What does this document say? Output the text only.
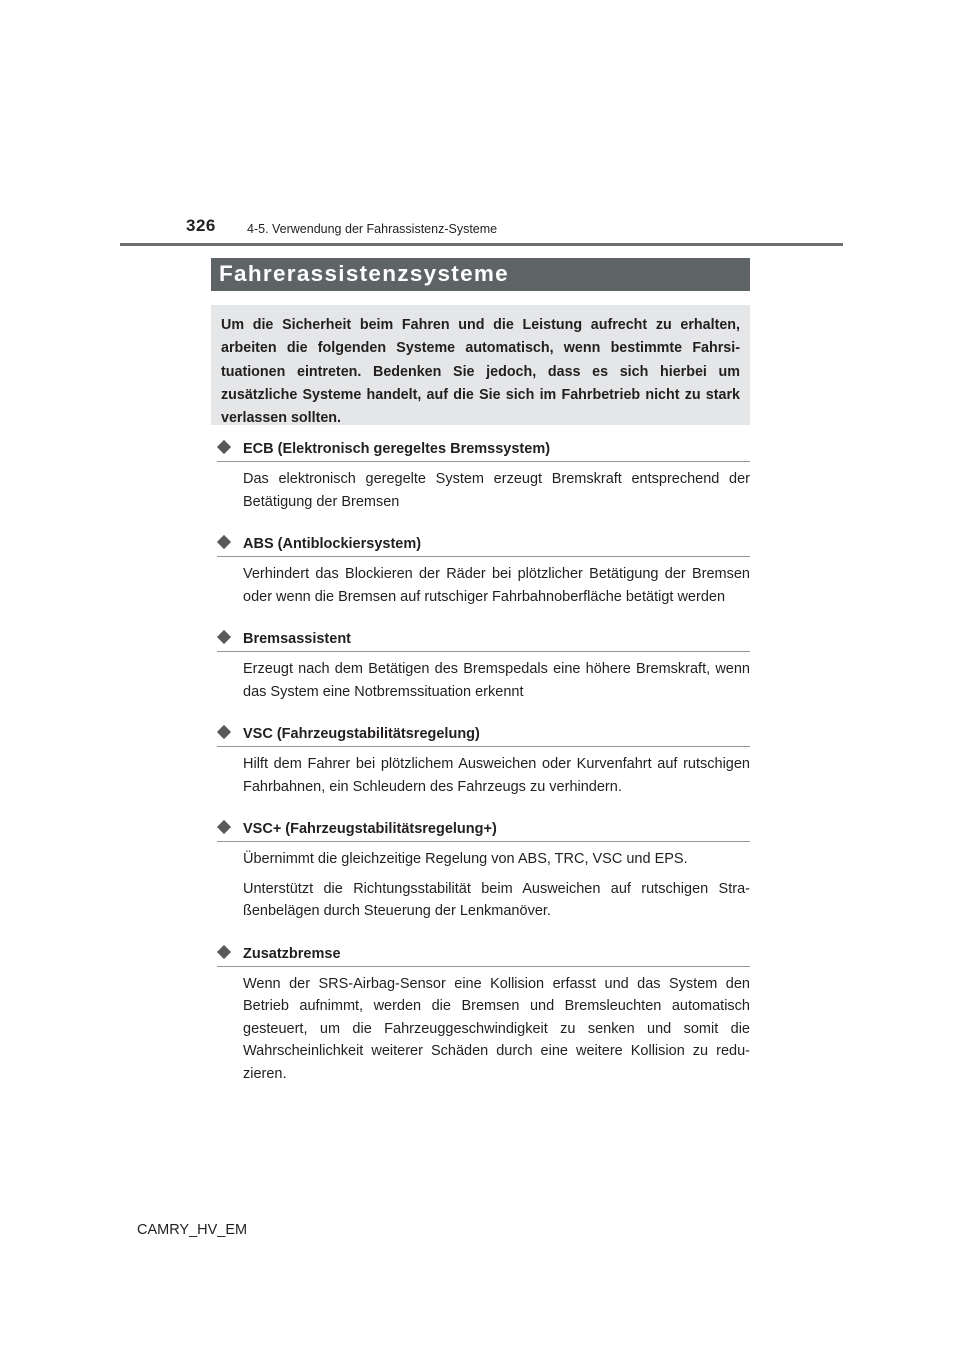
326 4-5. Verwendung der Fahrassistenz-Systeme
Fahrerassistenzsysteme

Um die Sicherheit beim Fahren und die Leistung aufrecht zu erhalten, arbeiten die folgenden Systeme automatisch, wenn bestimmte Fahrsituationen eintreten. Bedenken Sie jedoch, dass es sich hierbei um zusätzliche Systeme handelt, auf die Sie sich im Fahrbetrieb nicht zu stark verlassen sollten.

ECB (Elektronisch geregeltes Bremssystem)

Das elektronisch geregelte System erzeugt Bremskraft entsprechend der Betätigung der Bremsen

ABS (Antiblockiersystem)

Verhindert das Blockieren der Räder bei plötzlicher Betätigung der Bremsen oder wenn die Bremsen auf rutschiger Fahrbahnoberfläche betätigt werden

Bremsassistent

Erzeugt nach dem Betätigen des Bremspedals eine höhere Bremskraft, wenn das System eine Notbremssituation erkennt

VSC (Fahrzeugstabilitätsregelung)

Hilft dem Fahrer bei plötzlichem Ausweichen oder Kurvenfahrt auf rutschigen Fahrbahnen, ein Schleudern des Fahrzeugs zu verhindern.

VSC+ (Fahrzeugstabilitätsregelung+)

Übernimmt die gleichzeitige Regelung von ABS, TRC, VSC und EPS.

Unterstützt die Richtungsstabilität beim Ausweichen auf rutschigen Straßenbelägen durch Steuerung der Lenkmanöver.

Zusatzbremse

Wenn der SRS-Airbag-Sensor eine Kollision erfasst und das System den Betrieb aufnimmt, werden die Bremsen und Bremsleuchten automatisch gesteuert, um die Fahrzeuggeschwindigkeit zu senken und somit die Wahrscheinlichkeit weiterer Schäden durch eine weitere Kollision zu reduzieren.

CAMRY_HV_EM
